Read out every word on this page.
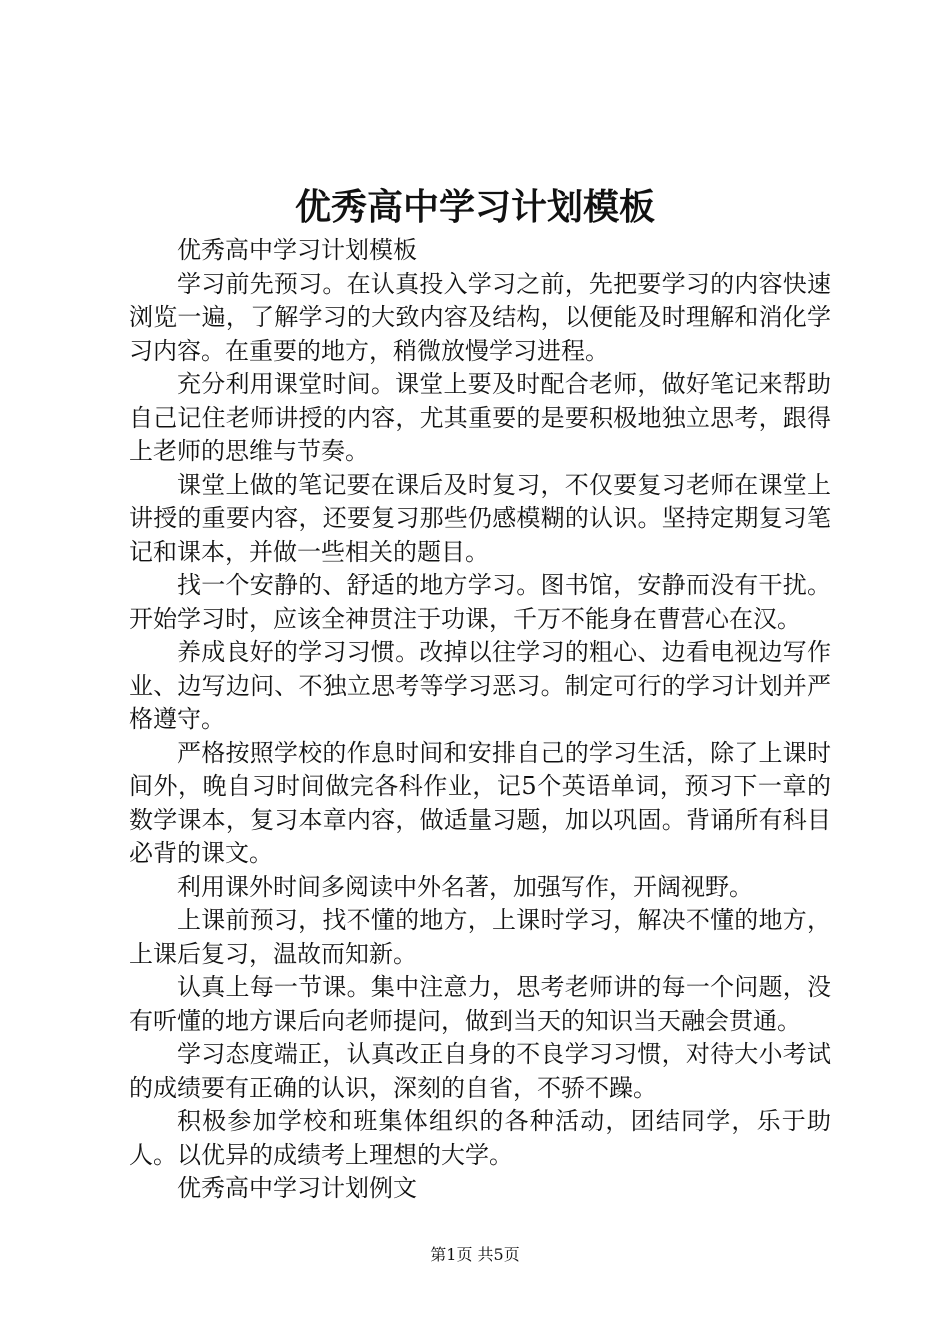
优秀高中学习计划模板

优秀高中学习计划模板

学习前先预习。在认真投入学习之前，先把要学习的内容快速浏览一遍，了解学习的大致内容及结构，以便能及时理解和消化学习内容。在重要的地方，稍微放慢学习进程。

充分利用课堂时间。课堂上要及时配合老师，做好笔记来帮助自己记住老师讲授的内容，尤其重要的是要积极地独立思考，跟得上老师的思维与节奏。

课堂上做的笔记要在课后及时复习，不仅要复习老师在课堂上讲授的重要内容，还要复习那些仍感模糊的认识。坚持定期复习笔记和课本，并做一些相关的题目。

找一个安静的、舒适的地方学习。图书馆，安静而没有干扰。开始学习时，应该全神贯注于功课，千万不能身在曹营心在汉。

养成良好的学习习惯。改掉以往学习的粗心、边看电视边写作业、边写边问、不独立思考等学习恶习。制定可行的学习计划并严格遵守。

严格按照学校的作息时间和安排自己的学习生活，除了上课时间外，晚自习时间做完各科作业，记5个英语单词，预习下一章的数学课本，复习本章内容，做适量习题，加以巩固。背诵所有科目必背的课文。

利用课外时间多阅读中外名著，加强写作，开阔视野。

上课前预习，找不懂的地方，上课时学习，解决不懂的地方，上课后复习，温故而知新。

认真上每一节课。集中注意力，思考老师讲的每一个问题，没有听懂的地方课后向老师提问，做到当天的知识当天融会贯通。

学习态度端正，认真改正自身的不良学习习惯，对待大小考试的成绩要有正确的认识，深刻的自省，不骄不躁。

积极参加学校和班集体组织的各种活动，团结同学，乐于助人。以优异的成绩考上理想的大学。

优秀高中学习计划例文

第1页 共5页
